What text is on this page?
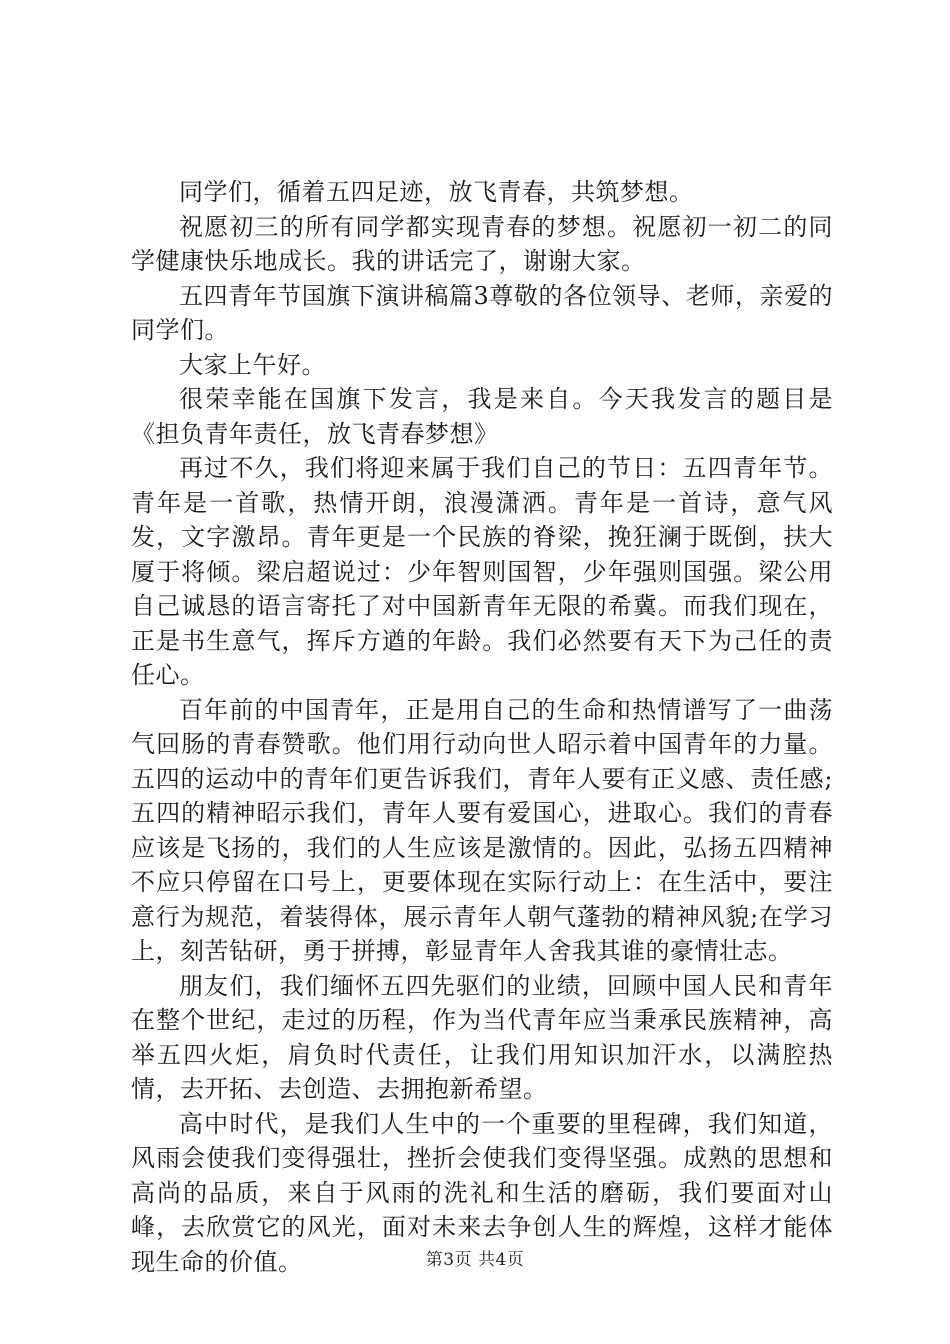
同学们，循着五四足迹，放飞青春，共筑梦想。

祝愿初三的所有同学都实现青春的梦想。祝愿初一初二的同学健康快乐地成长。我的讲话完了，谢谢大家。

五四青年节国旗下演讲稿篇3尊敬的各位领导、老师，亲爱的同学们。

大家上午好。

很荣幸能在国旗下发言，我是来自。今天我发言的题目是《担负青年责任，放飞青春梦想》

再过不久，我们将迎来属于我们自己的节日：五四青年节。青年是一首歌，热情开朗，浪漫潇洒。青年是一首诗，意气风发，文字激昂。青年更是一个民族的脊梁，挽狂澜于既倒，扶大厦于将倾。梁启超说过：少年智则国智，少年强则国强。梁公用自己诚恳的语言寄托了对中国新青年无限的希冀。而我们现在，正是书生意气，挥斥方遒的年龄。我们必然要有天下为己任的责任心。

百年前的中国青年，正是用自己的生命和热情谱写了一曲荡气回肠的青春赞歌。他们用行动向世人昭示着中国青年的力量。五四的运动中的青年们更告诉我们，青年人要有正义感、责任感;五四的精神昭示我们，青年人要有爱国心，进取心。我们的青春应该是飞扬的，我们的人生应该是激情的。因此，弘扬五四精神不应只停留在口号上，更要体现在实际行动上：在生活中，要注意行为规范，着装得体，展示青年人朝气蓬勃的精神风貌;在学习上，刻苦钻研，勇于拼搏，彰显青年人舍我其谁的豪情壮志。

朋友们，我们缅怀五四先驱们的业绩，回顾中国人民和青年在整个世纪，走过的历程，作为当代青年应当秉承民族精神，高举五四火炬，肩负时代责任，让我们用知识加汗水，以满腔热情，去开拓、去创造、去拥抱新希望。

高中时代，是我们人生中的一个重要的里程碑，我们知道，风雨会使我们变得强壮，挫折会使我们变得坚强。成熟的思想和高尚的品质，来自于风雨的洗礼和生活的磨砺，我们要面对山峰，去欣赏它的风光，面对未来去争创人生的辉煌，这样才能体现生命的价值。	第3页 共4页
